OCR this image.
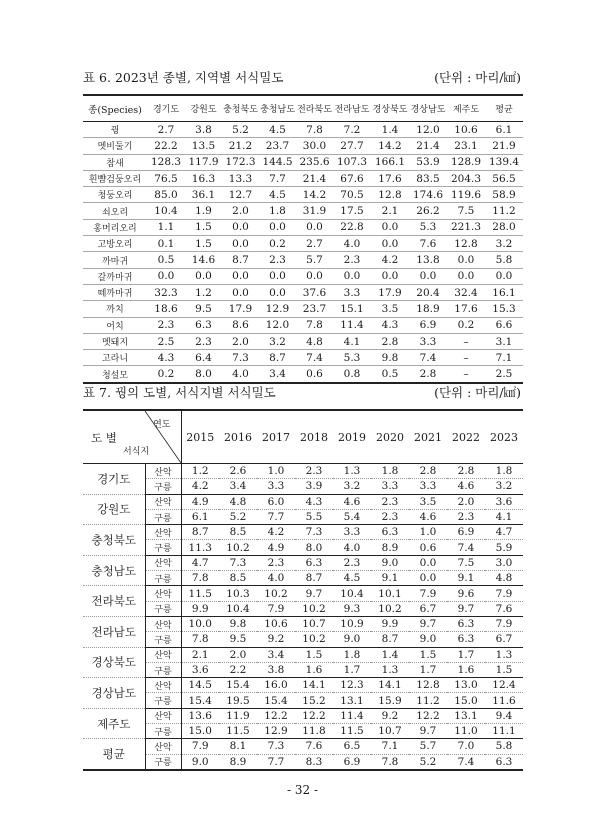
표 6. 2023년 종별, 지역별 서식밀도	(단위 : 마리/㎢)
종(Species)	경기도	강원도	충청북도	충청남도	전라북도	전라남도	경상북도	경상남도	제주도	평균
꿩	2.7	3.8	5.2	4.5	7.8	7.2	1.4	12.0	10.6	6.1
멧비둘기	22.2	13.5	21.2	23.7	30.0	27.7	14.2	21.4	23.1	21.9
참새	128.3	117.9	172.3	144.5	235.6	107.3	166.1	53.9	128.9	139.4
흰뺨검둥오리	76.5	16.3	13.3	7.7	21.4	67.6	17.6	83.5	204.3	56.5
청둥오리	85.0	36.1	12.7	4.5	14.2	70.5	12.8	174.6	119.6	58.9
쇠오리	10.4	1.9	2.0	1.8	31.9	17.5	2.1	26.2	7.5	11.2
홍머리오리	1.1	1.5	0.0	0.0	0.0	22.8	0.0	5.3	221.3	28.0
고방오리	0.1	1.5	0.0	0.2	2.7	4.0	0.0	7.6	12.8	3.2
까마귀	0.5	14.6	8.7	2.3	5.7	2.3	4.2	13.8	0.0	5.8
갈까마귀	0.0	0.0	0.0	0.0	0.0	0.0	0.0	0.0	0.0	0.0
떼까마귀	32.3	1.2	0.0	0.0	37.6	3.3	17.9	20.4	32.4	16.1
까치	18.6	9.5	17.9	12.9	23.7	15.1	3.5	18.9	17.6	15.3
어치	2.3	6.3	8.6	12.0	7.8	11.4	4.3	6.9	0.2	6.6
멧돼지	2.5	2.3	2.0	3.2	4.8	4.1	2.8	3.3	–	3.1
고라니	4.3	6.4	7.3	8.7	7.4	5.3	9.8	7.4	–	7.1
청설모	0.2	8.0	4.0	3.4	0.6	0.8	0.5	2.8	–	2.5
표 7. 꿩의 도별, 서식지별 서식밀도	(단위 : 마리/㎢)
연도
도 별
서식지		2015	2016	2017	2018	2019	2020	2021	2022	2023
경기도	산악	1.2	2.6	1.0	2.3	1.3	1.8	2.8	2.8	1.8
	구릉	4.2	3.4	3.3	3.9	3.2	3.3	3.3	4.6	3.2
강원도	산악	4.9	4.8	6.0	4.3	4.6	2.3	3.5	2.0	3.6
	구릉	6.1	5.2	7.7	5.5	5.4	2.3	4.6	2.3	4.1
충청북도	산악	8.7	8.5	4.2	7.3	3.3	6.3	1.0	6.9	4.7
	구릉	11.3	10.2	4.9	8.0	4.0	8.9	0.6	7.4	5.9
충청남도	산악	4.7	7.3	2.3	6.3	2.3	9.0	0.0	7.5	3.0
	구릉	7.8	8.5	4.0	8.7	4.5	9.1	0.0	9.1	4.8
전라북도	산악	11.5	10.3	10.2	9.7	10.4	10.1	7.9	9.6	7.9
	구릉	9.9	10.4	7.9	10.2	9.3	10.2	6.7	9.7	7.6
전라남도	산악	10.0	9.8	10.6	10.7	10.9	9.9	9.7	6.3	7.9
	구릉	7.8	9.5	9.2	10.2	9.0	8.7	9.0	6.3	6.7
경상북도	산악	2.1	2.0	3.4	1.5	1.8	1.4	1.5	1.7	1.3
	구릉	3.6	2.2	3.8	1.6	1.7	1.3	1.7	1.6	1.5
경상남도	산악	14.5	15.4	16.0	14.1	12.3	14.1	12.8	13.0	12.4
	구릉	15.4	19.5	15.4	15.2	13.1	15.9	11.2	15.0	11.6
제주도	산악	13.6	11.9	12.2	12.2	11.4	9.2	12.2	13.1	9.4
	구릉	15.0	11.5	12.9	11.8	11.5	10.7	9.7	11.0	11.1
평균	산악	7.9	8.1	7.3	7.6	6.5	7.1	5.7	7.0	5.8
	구릉	9.0	8.9	7.7	8.3	6.9	7.8	5.2	7.4	6.3
- 32 -
